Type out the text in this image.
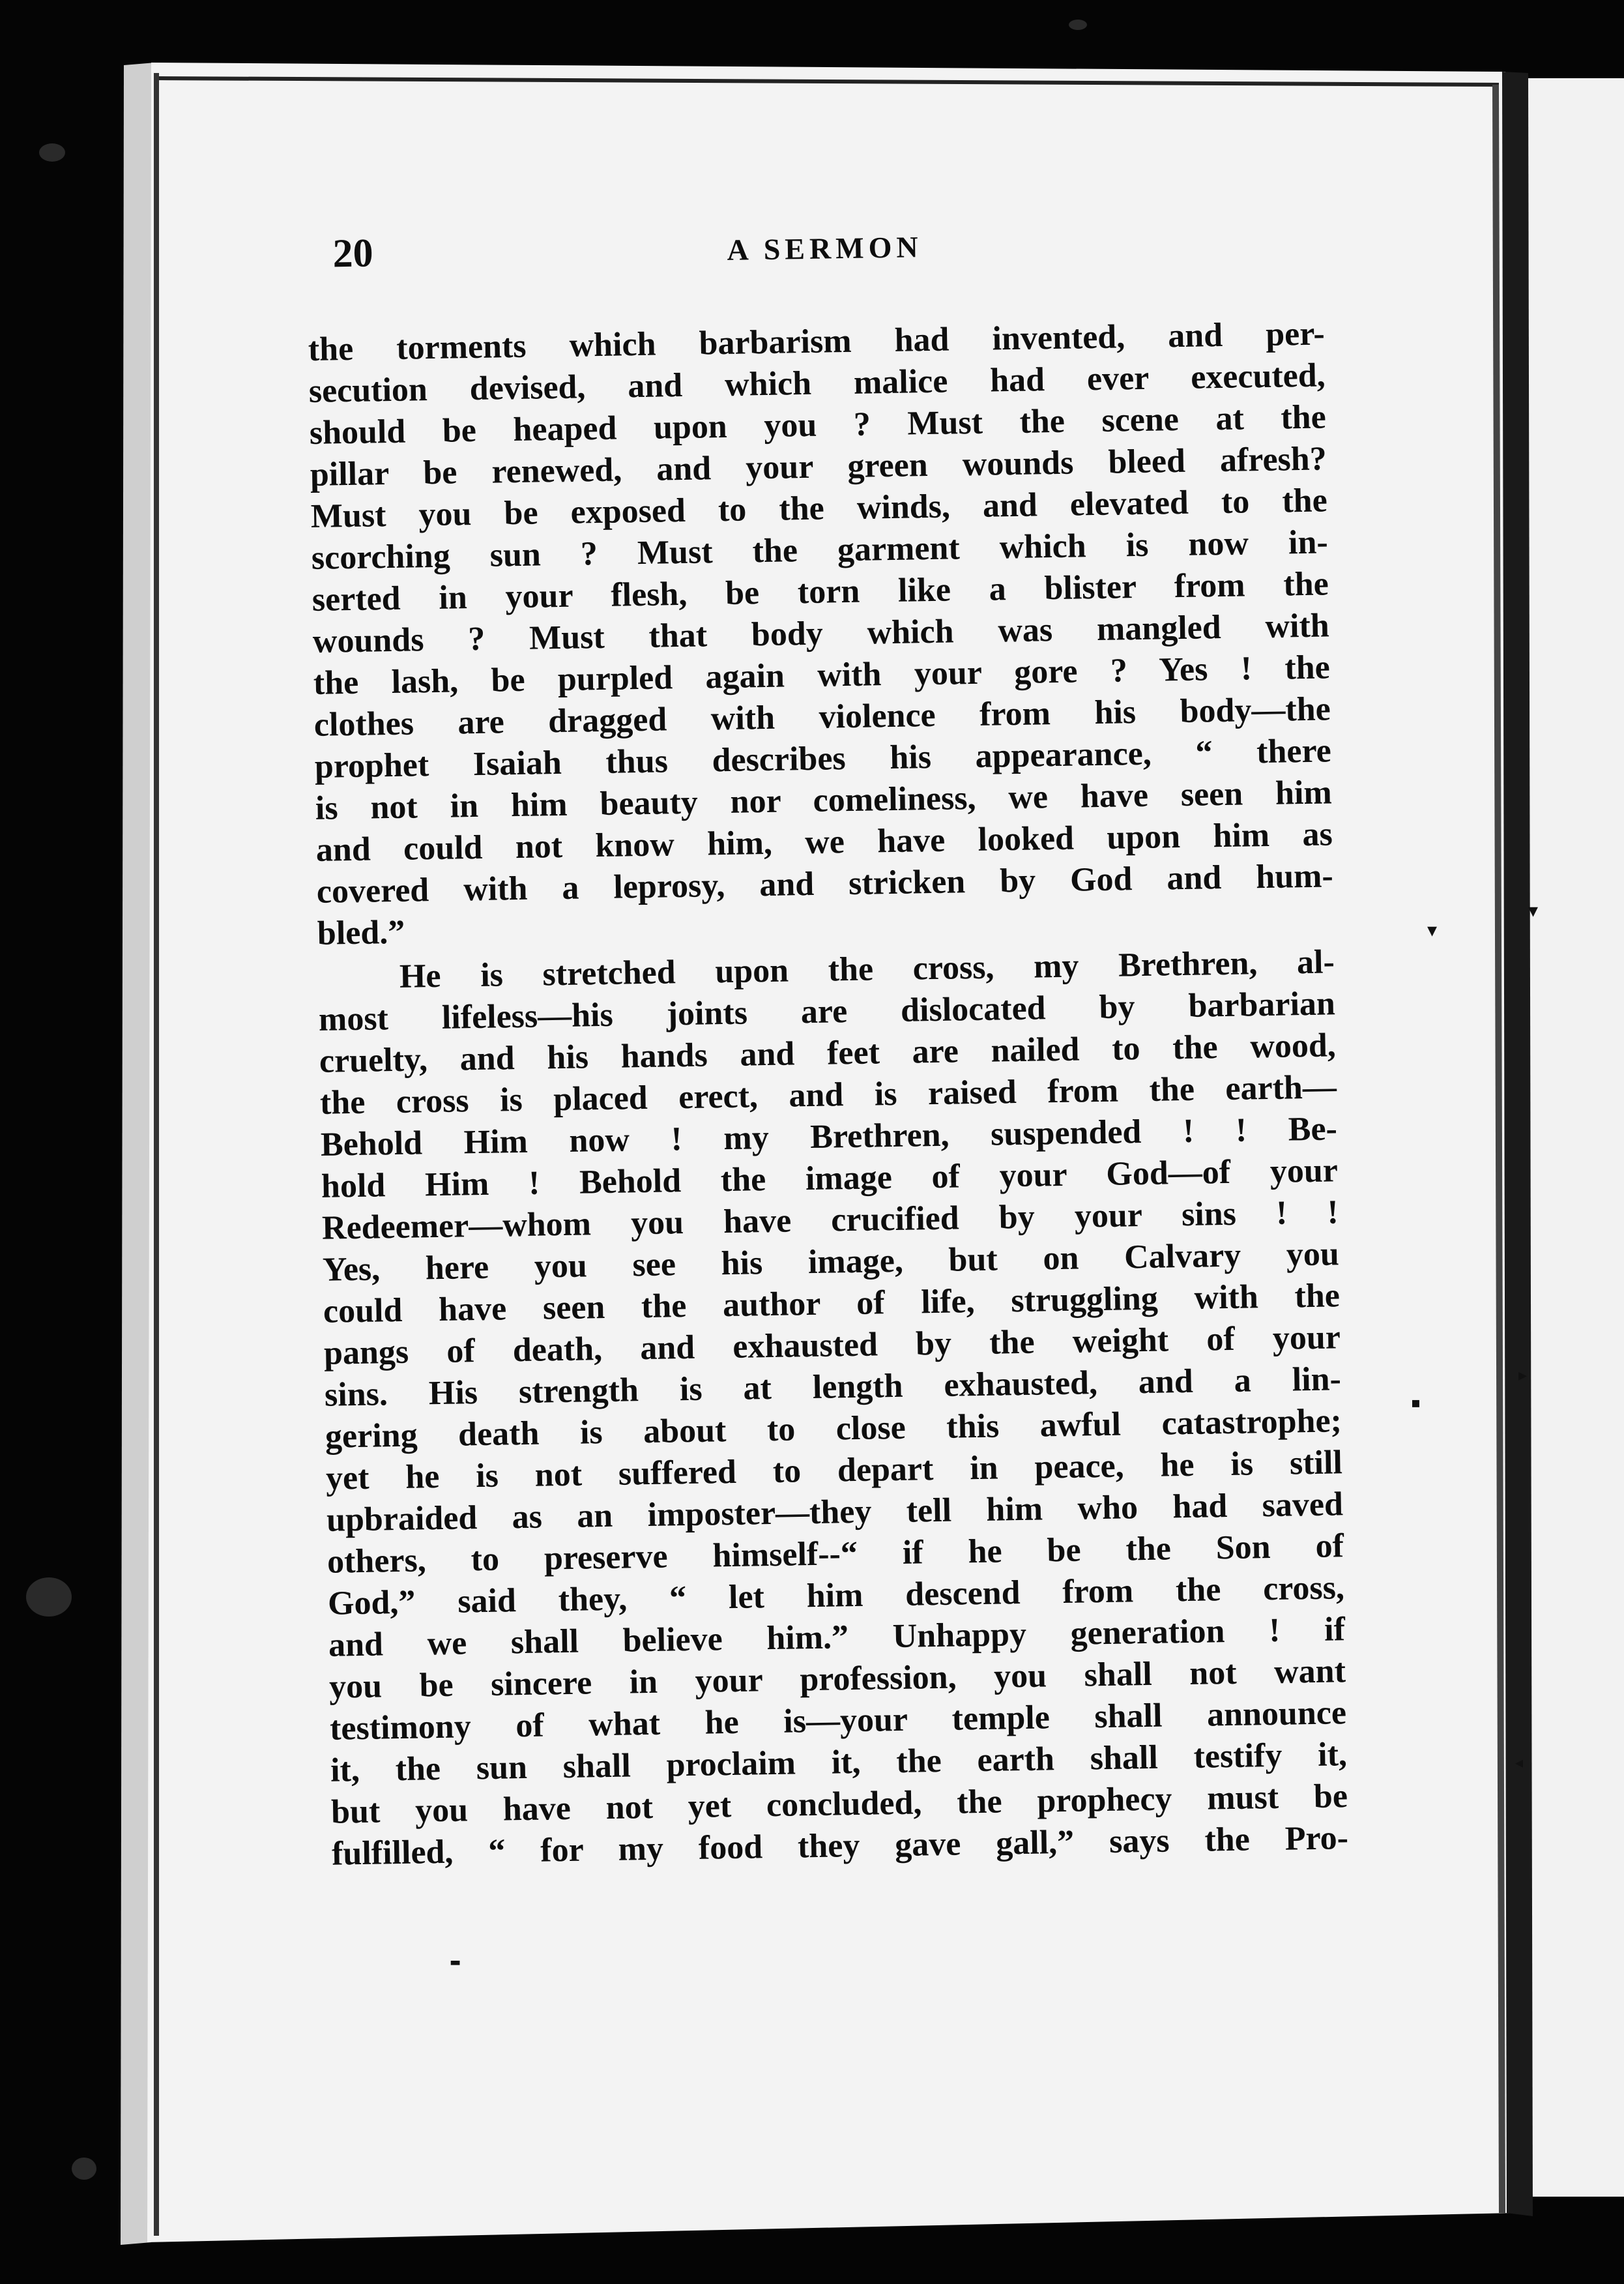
20	A SERMON
the torments which barbarism had invented, and per-
secution devised, and which malice had ever executed,
should be heaped upon you ? Must the scene at the
pillar be renewed, and your green wounds bleed afresh?
Must you be exposed to the winds, and elevated to the
scorching sun ? Must the garment which is now in-
serted in your flesh, be torn like a blister from the
wounds ? Must that body which was mangled with
the lash, be purpled again with your gore ? Yes ! the
clothes are dragged with violence from his body—the
prophet Isaiah thus describes his appearance, “ there
is not in him beauty nor comeliness, we have seen him
and could not know him, we have looked upon him as
covered with a leprosy, and stricken by God and hum-
bled.”
He is stretched upon the cross, my Brethren, al-
most lifeless—his joints are dislocated by barbarian
cruelty, and his hands and feet are nailed to the wood,
the cross is placed erect, and is raised from the earth—
Behold Him now ! my Brethren, suspended ! ! Be-
hold Him ! Behold the image of your God—of your
Redeemer—whom you have crucified by your sins ! !
Yes, here you see his image, but on Calvary you
could have seen the author of life, struggling with the
pangs of death, and exhausted by the weight of your
sins. His strength is at length exhausted, and a lin-
gering death is about to close this awful catastrophe;
yet he is not suffered to depart in peace, he is still
upbraided as an imposter—they tell him who had saved
others, to preserve himself--“ if he be the Son of
God,” said they, “ let him descend from the cross,
and we shall believe him.” Unhappy generation ! if
you be sincere in your profession, you shall not want
testimony of what he is—your temple shall announce
it, the sun shall proclaim it, the earth shall testify it,
but you have not yet concluded, the prophecy must be
fulfilled, “ for my food they gave gall,” says the Pro-
▾
▾
▸
▪
◂
▬
